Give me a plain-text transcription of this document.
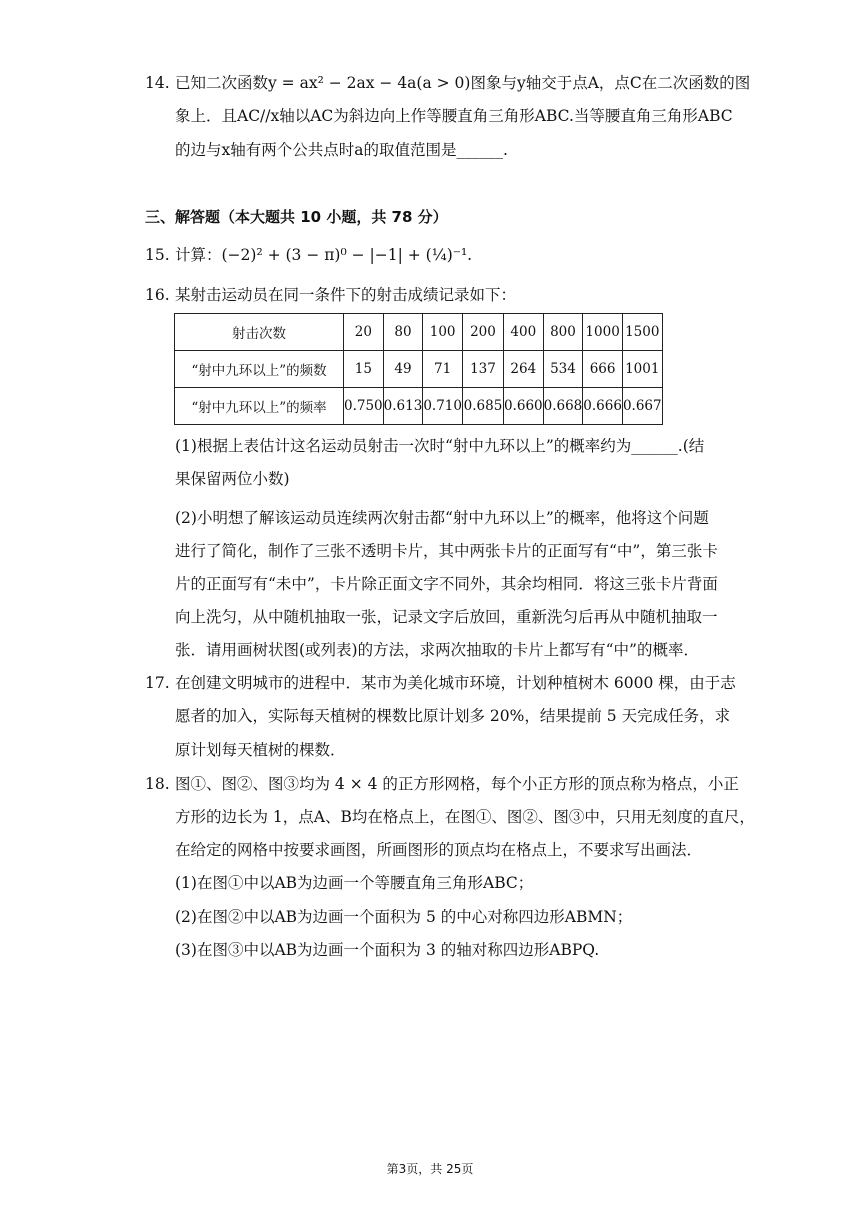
14. 已知二次函数y = ax² − 2ax − 4a(a > 0)图象与y轴交于点A，点C在二次函数的图
象上．且AC//x轴以AC为斜边向上作等腰直角三角形ABC.当等腰直角三角形ABC
的边与x轴有两个公共点时a的取值范围是______.
三、解答题（本大题共 10 小题，共 78 分）
15. 计算：(−2)² + (3 − π)⁰ − |−1| + (¼)⁻¹.
16. 某射击运动员在同一条件下的射击成绩记录如下：
射击次数	20	80	100	200	400	800	1000	1500
“射中九环以上”的频数	15	49	71	137	264	534	666	1001
“射中九环以上”的频率	0.750	0.613	0.710	0.685	0.660	0.668	0.666	0.667
(1)根据上表估计这名运动员射击一次时“射中九环以上”的概率约为______.(结
果保留两位小数)
(2)小明想了解该运动员连续两次射击都“射中九环以上”的概率，他将这个问题
进行了简化，制作了三张不透明卡片，其中两张卡片的正面写有“中”，第三张卡
片的正面写有“未中”，卡片除正面文字不同外，其余均相同．将这三张卡片背面
向上洗匀，从中随机抽取一张，记录文字后放回，重新洗匀后再从中随机抽取一
张．请用画树状图(或列表)的方法，求两次抽取的卡片上都写有“中”的概率．
17. 在创建文明城市的进程中．某市为美化城市环境，计划种植树木 6000 棵，由于志
愿者的加入，实际每天植树的棵数比原计划多 20%，结果提前 5 天完成任务，求
原计划每天植树的棵数．
18. 图①、图②、图③均为 4 × 4 的正方形网格，每个小正方形的顶点称为格点，小正
方形的边长为 1，点A、B均在格点上，在图①、图②、图③中，只用无刻度的直尺，
在给定的网格中按要求画图，所画图形的顶点均在格点上，不要求写出画法．
(1)在图①中以AB为边画一个等腰直角三角形ABC；
(2)在图②中以AB为边画一个面积为 5 的中心对称四边形ABMN；
(3)在图③中以AB为边画一个面积为 3 的轴对称四边形ABPQ.
第3页，共 25页
